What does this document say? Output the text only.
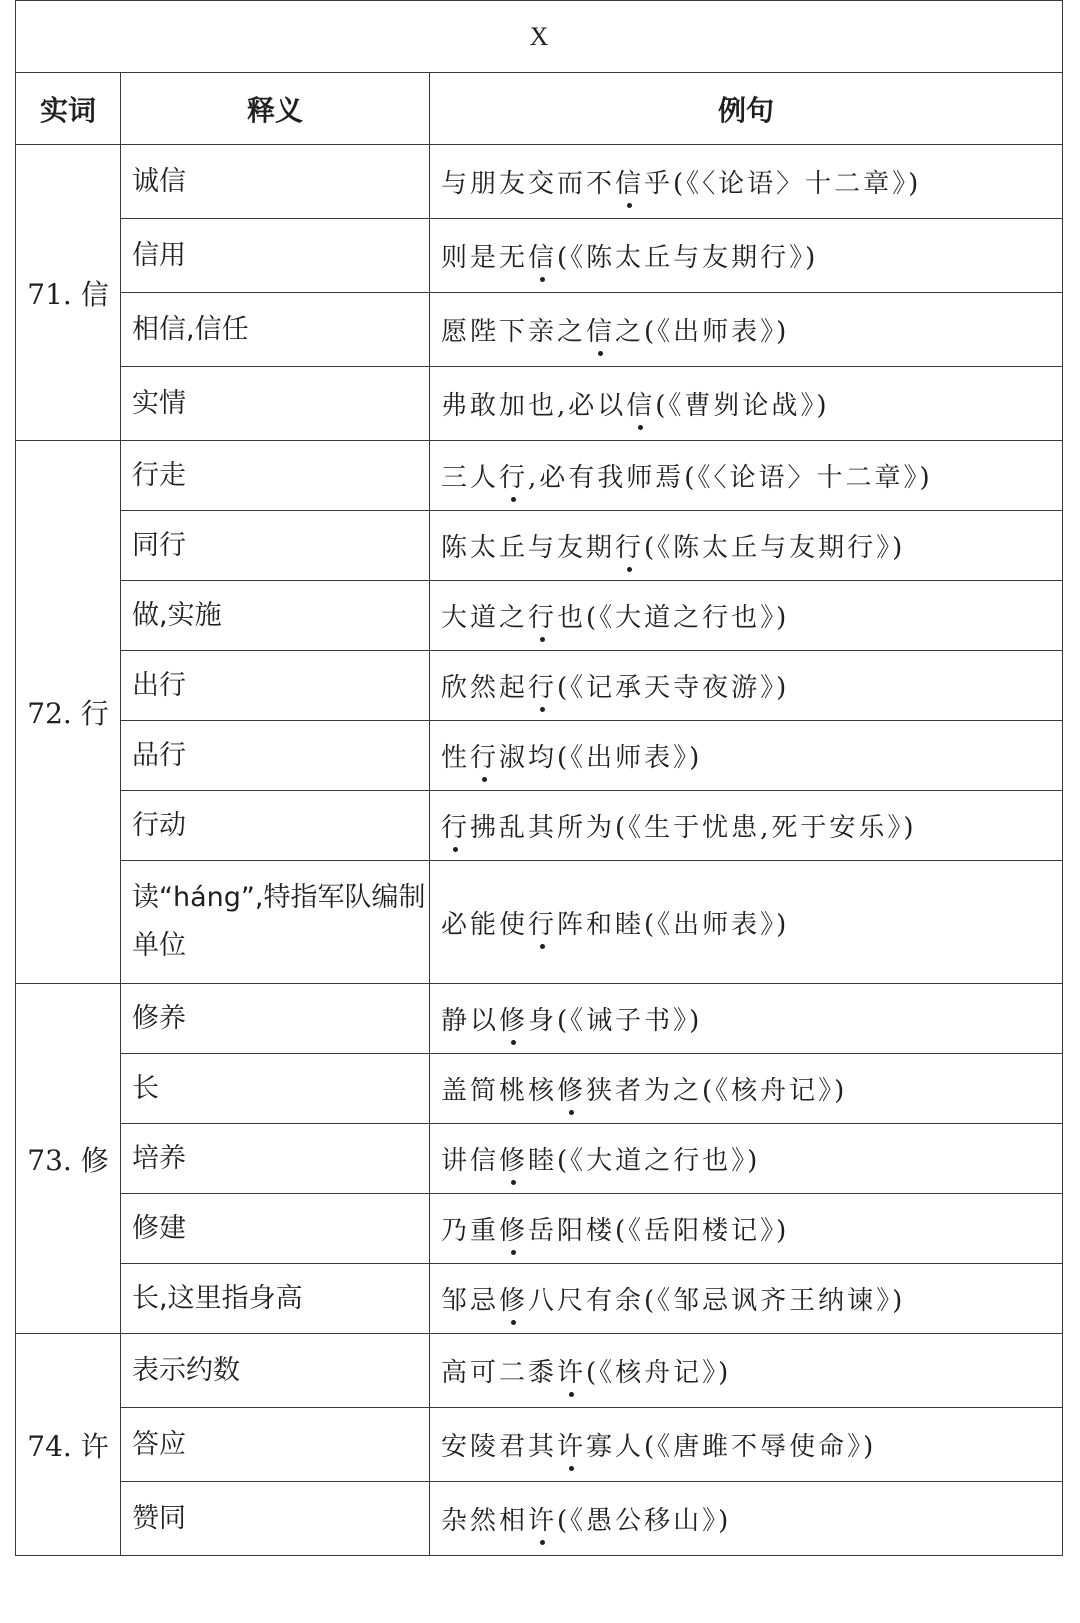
X		
实词	释义	例句
71. 信	诚信	与朋友交而不信乎(《〈论语〉十二章》)
	信用	则是无信(《陈太丘与友期行》)
	相信,信任	愿陛下亲之信之(《出师表》)
	实情	弗敢加也,必以信(《曹刿论战》)
72. 行	行走	三人行,必有我师焉(《〈论语〉十二章》)
	同行	陈太丘与友期行(《陈太丘与友期行》)
	做,实施	大道之行也(《大道之行也》)
	出行	欣然起行(《记承天寺夜游》)
	品行	性行淑均(《出师表》)
	行动	行拂乱其所为(《生于忧患,死于安乐》)
	读“háng”,特指军队编制单位	必能使行阵和睦(《出师表》)
73. 修	修养	静以修身(《诫子书》)
	长	盖简桃核修狭者为之(《核舟记》)
	培养	讲信修睦(《大道之行也》)
	修建	乃重修岳阳楼(《岳阳楼记》)
	长,这里指身高	邹忌修八尺有余(《邹忌讽齐王纳谏》)
74. 许	表示约数	高可二黍许(《核舟记》)
	答应	安陵君其许寡人(《唐雎不辱使命》)
	赞同	杂然相许(《愚公移山》)
